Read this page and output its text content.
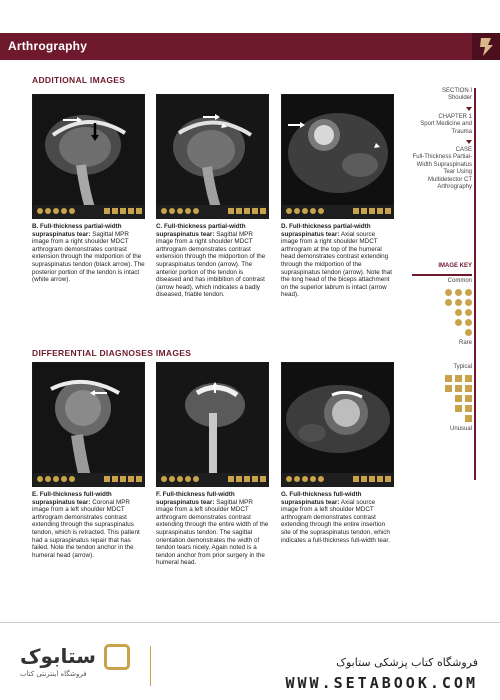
Arthrography
ADDITIONAL IMAGES
B. Full-thickness partial-width supraspinatus tear: Sagittal MPR image from a right shoulder MDCT arthrogram demonstrates contrast extension through the midportion of the supraspinatus tendon (black arrow). The posterior portion of the tendon is intact (white arrow).
C. Full-thickness partial-width supraspinatus tear: Sagittal MPR image from a right shoulder MDCT arthrogram demonstrates contrast extension through the midportion of the supraspinatus tendon (arrow). The anterior portion of the tendon is diseased and has imbibition of contrast (arrow head), which indicates a badly diseased, friable tendon.
D. Full-thickness partial-width supraspinatus tear: Axial source image from a right shoulder MDCT arthrogram at the top of the humeral head demonstrates contrast extending through the midportion of the supraspinatus tendon (arrow). Note that the long head of the biceps attachment on the superior labrum is intact (arrow head).
DIFFERENTIAL DIAGNOSES IMAGES
E. Full-thickness full-width supraspinatus tear: Coronal MPR image from a left shoulder MDCT arthrogram demonstrates contrast extending through the supraspinatus tendon, which is retracted. This patient had a supraspinatus repair that has failed. Note the tendon anchor in the humeral head (arrow).
F. Full-thickness full-width supraspinatus tear: Sagittal MPR image from a left shoulder MDCT arthrogram demonstrates contrast extending through the entire width of the supraspinatus tendon. The sagittal orientation demonstrates the width of tendon tears nicely. Again noted is a tendon anchor from prior surgery in the humeral head.
G. Full-thickness full-width supraspinatus tear: Axial source image from a left shoulder MDCT arthrogram demonstrates contrast extending through the entire insertion site of the supraspinatus tendon, which indicates a full-thickness full-width tear.
SECTION I
Shoulder
CHAPTER 1
Sport Medicine and Trauma
CASE
Full-Thickness Partial-Width Supraspinatus Tear Using Multidetector CT Arthrography
IMAGE KEY
Common
Rare
Typical
Unusual
ستابوک
فروشگاه اینترنتی کتاب
فروشگاه کتاب پزشکی ستابوک
WWW.SETABOOK.COM
